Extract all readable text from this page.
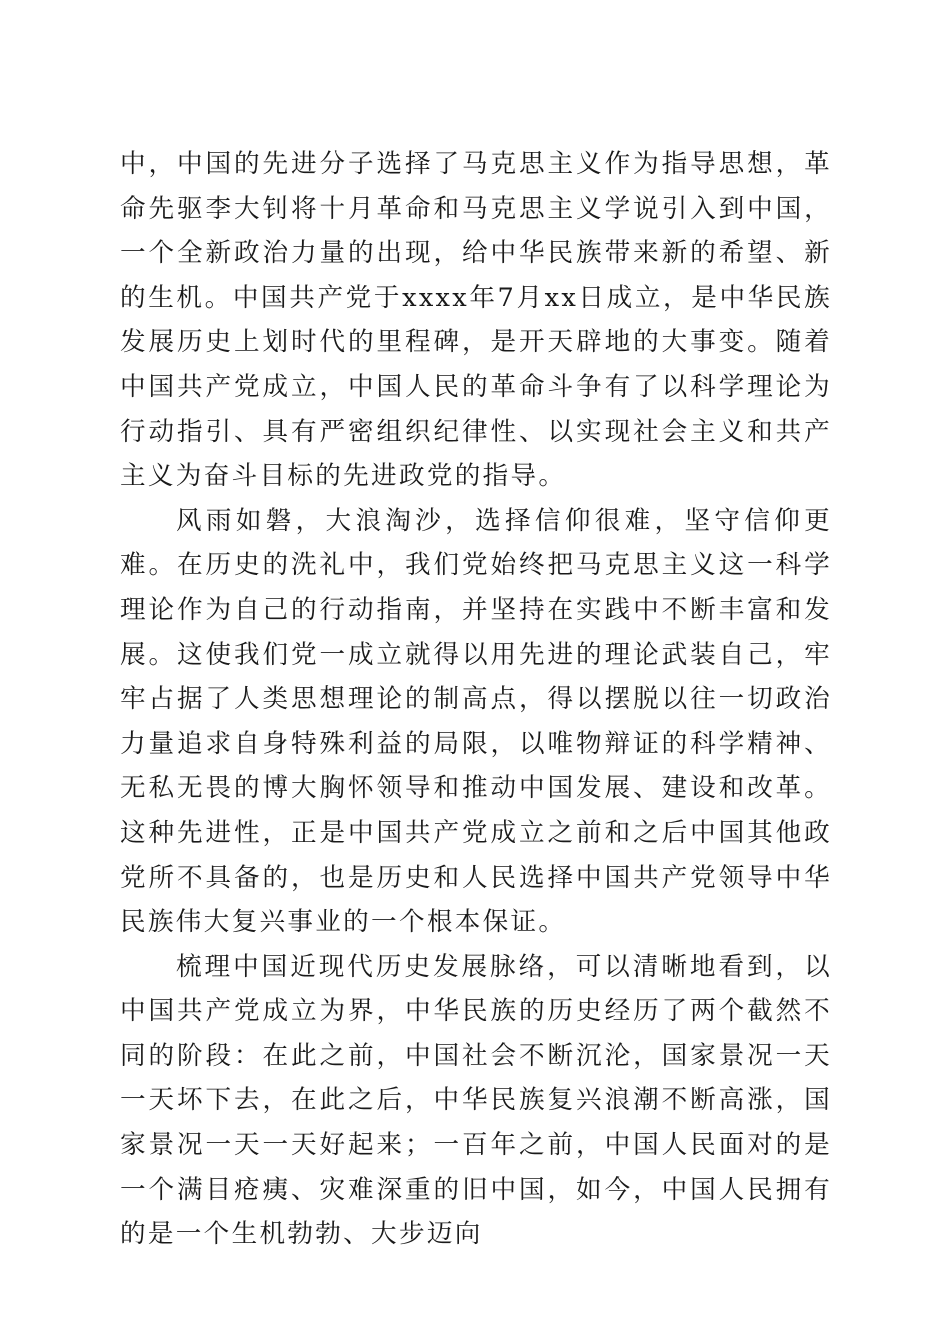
中，中国的先进分子选择了马克思主义作为指导思想，革命先驱李大钊将十月革命和马克思主义学说引入到中国，一个全新政治力量的出现，给中华民族带来新的希望、新的生机。中国共产党于xxxx年7月xx日成立，是中华民族发展历史上划时代的里程碑，是开天辟地的大事变。随着中国共产党成立，中国人民的革命斗争有了以科学理论为行动指引、具有严密组织纪律性、以实现社会主义和共产主义为奋斗目标的先进政党的指导。

风雨如磐，大浪淘沙，选择信仰很难，坚守信仰更难。在历史的洗礼中，我们党始终把马克思主义这一科学理论作为自己的行动指南，并坚持在实践中不断丰富和发展。这使我们党一成立就得以用先进的理论武装自己，牢牢占据了人类思想理论的制高点，得以摆脱以往一切政治力量追求自身特殊利益的局限，以唯物辩证的科学精神、无私无畏的博大胸怀领导和推动中国发展、建设和改革。这种先进性，正是中国共产党成立之前和之后中国其他政党所不具备的，也是历史和人民选择中国共产党领导中华民族伟大复兴事业的一个根本保证。

梳理中国近现代历史发展脉络，可以清晰地看到，以中国共产党成立为界，中华民族的历史经历了两个截然不同的阶段：在此之前，中国社会不断沉沦，国家景况一天一天坏下去，在此之后，中华民族复兴浪潮不断高涨，国家景况一天一天好起来；一百年之前，中国人民面对的是一个满目疮痍、灾难深重的旧中国，如今，中国人民拥有的是一个生机勃勃、大步迈向
